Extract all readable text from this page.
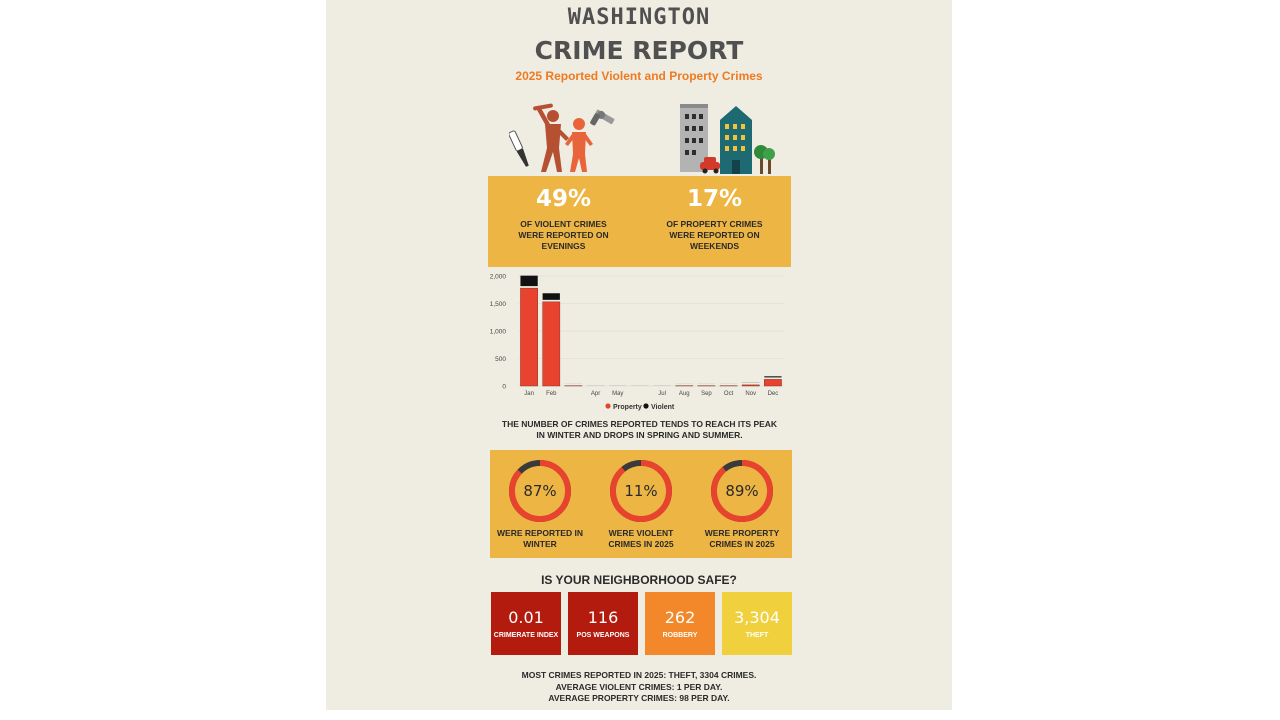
WASHINGTON
CRIME REPORT
2025 Reported Violent and Property Crimes
49%
OF VIOLENT CRIMES WERE REPORTED ON EVENINGS
17%
OF PROPERTY CRIMES WERE REPORTED ON WEEKENDS
2,000
1,500
1,000
500
0
Jan Feb	Apr May	Jul Aug Sep Oct Nov Dec
Property Violent
THE NUMBER OF CRIMES REPORTED TENDS TO REACH ITS PEAK
IN WINTER AND DROPS IN SPRING AND SUMMER.
87%
WERE REPORTED IN WINTER
11%
WERE VIOLENT CRIMES IN 2025
89%
WERE PROPERTY CRIMES IN 2025
IS YOUR NEIGHBORHOOD SAFE?
0.01
CRIMERATE INDEX
116
POS WEAPONS
262
ROBBERY
3,304
THEFT
MOST CRIMES REPORTED IN 2025: THEFT, 3304 CRIMES.
AVERAGE VIOLENT CRIMES: 1 PER DAY.
AVERAGE PROPERTY CRIMES: 98 PER DAY.
